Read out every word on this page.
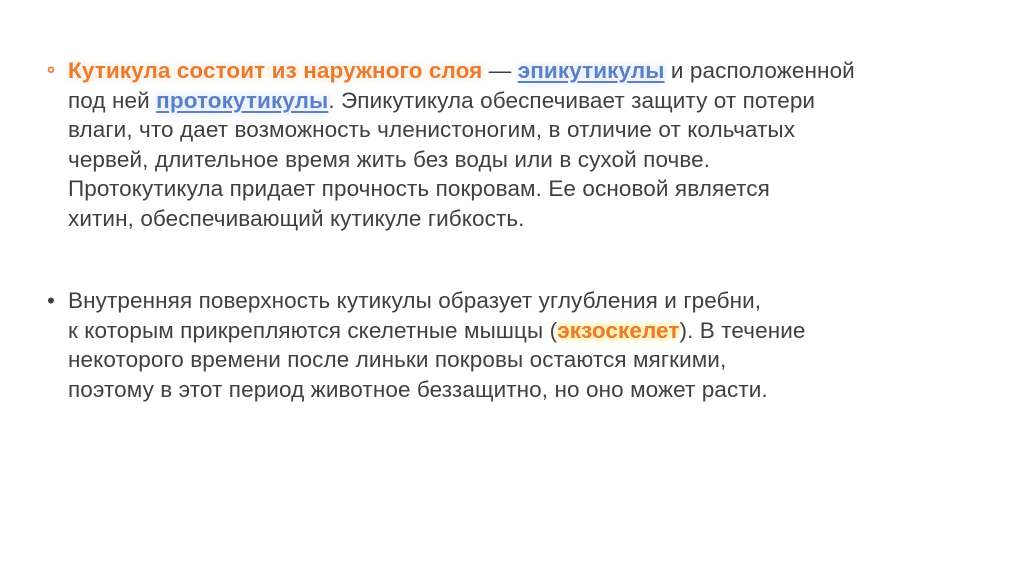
∘ Кутикула состоит из наружного слоя — эпикутикулы и расположенной
под ней протокутикулы. Эпикутикула обеспечивает защиту от потери
влаги, что дает возможность членистоногим, в отличие от кольчатых
червей, длительное время жить без воды или в сухой почве.
Протокутикула придает прочность покровам. Ее основой является
хитин, обеспечивающий кутикуле гибкость.
• Внутренняя поверхность кутикулы образует углубления и гребни,
к которым прикрепляются скелетные мышцы (экзоскелет). В течение
некоторого времени после линьки покровы остаются мягкими,
поэтому в этот период животное беззащитно, но оно может расти.
